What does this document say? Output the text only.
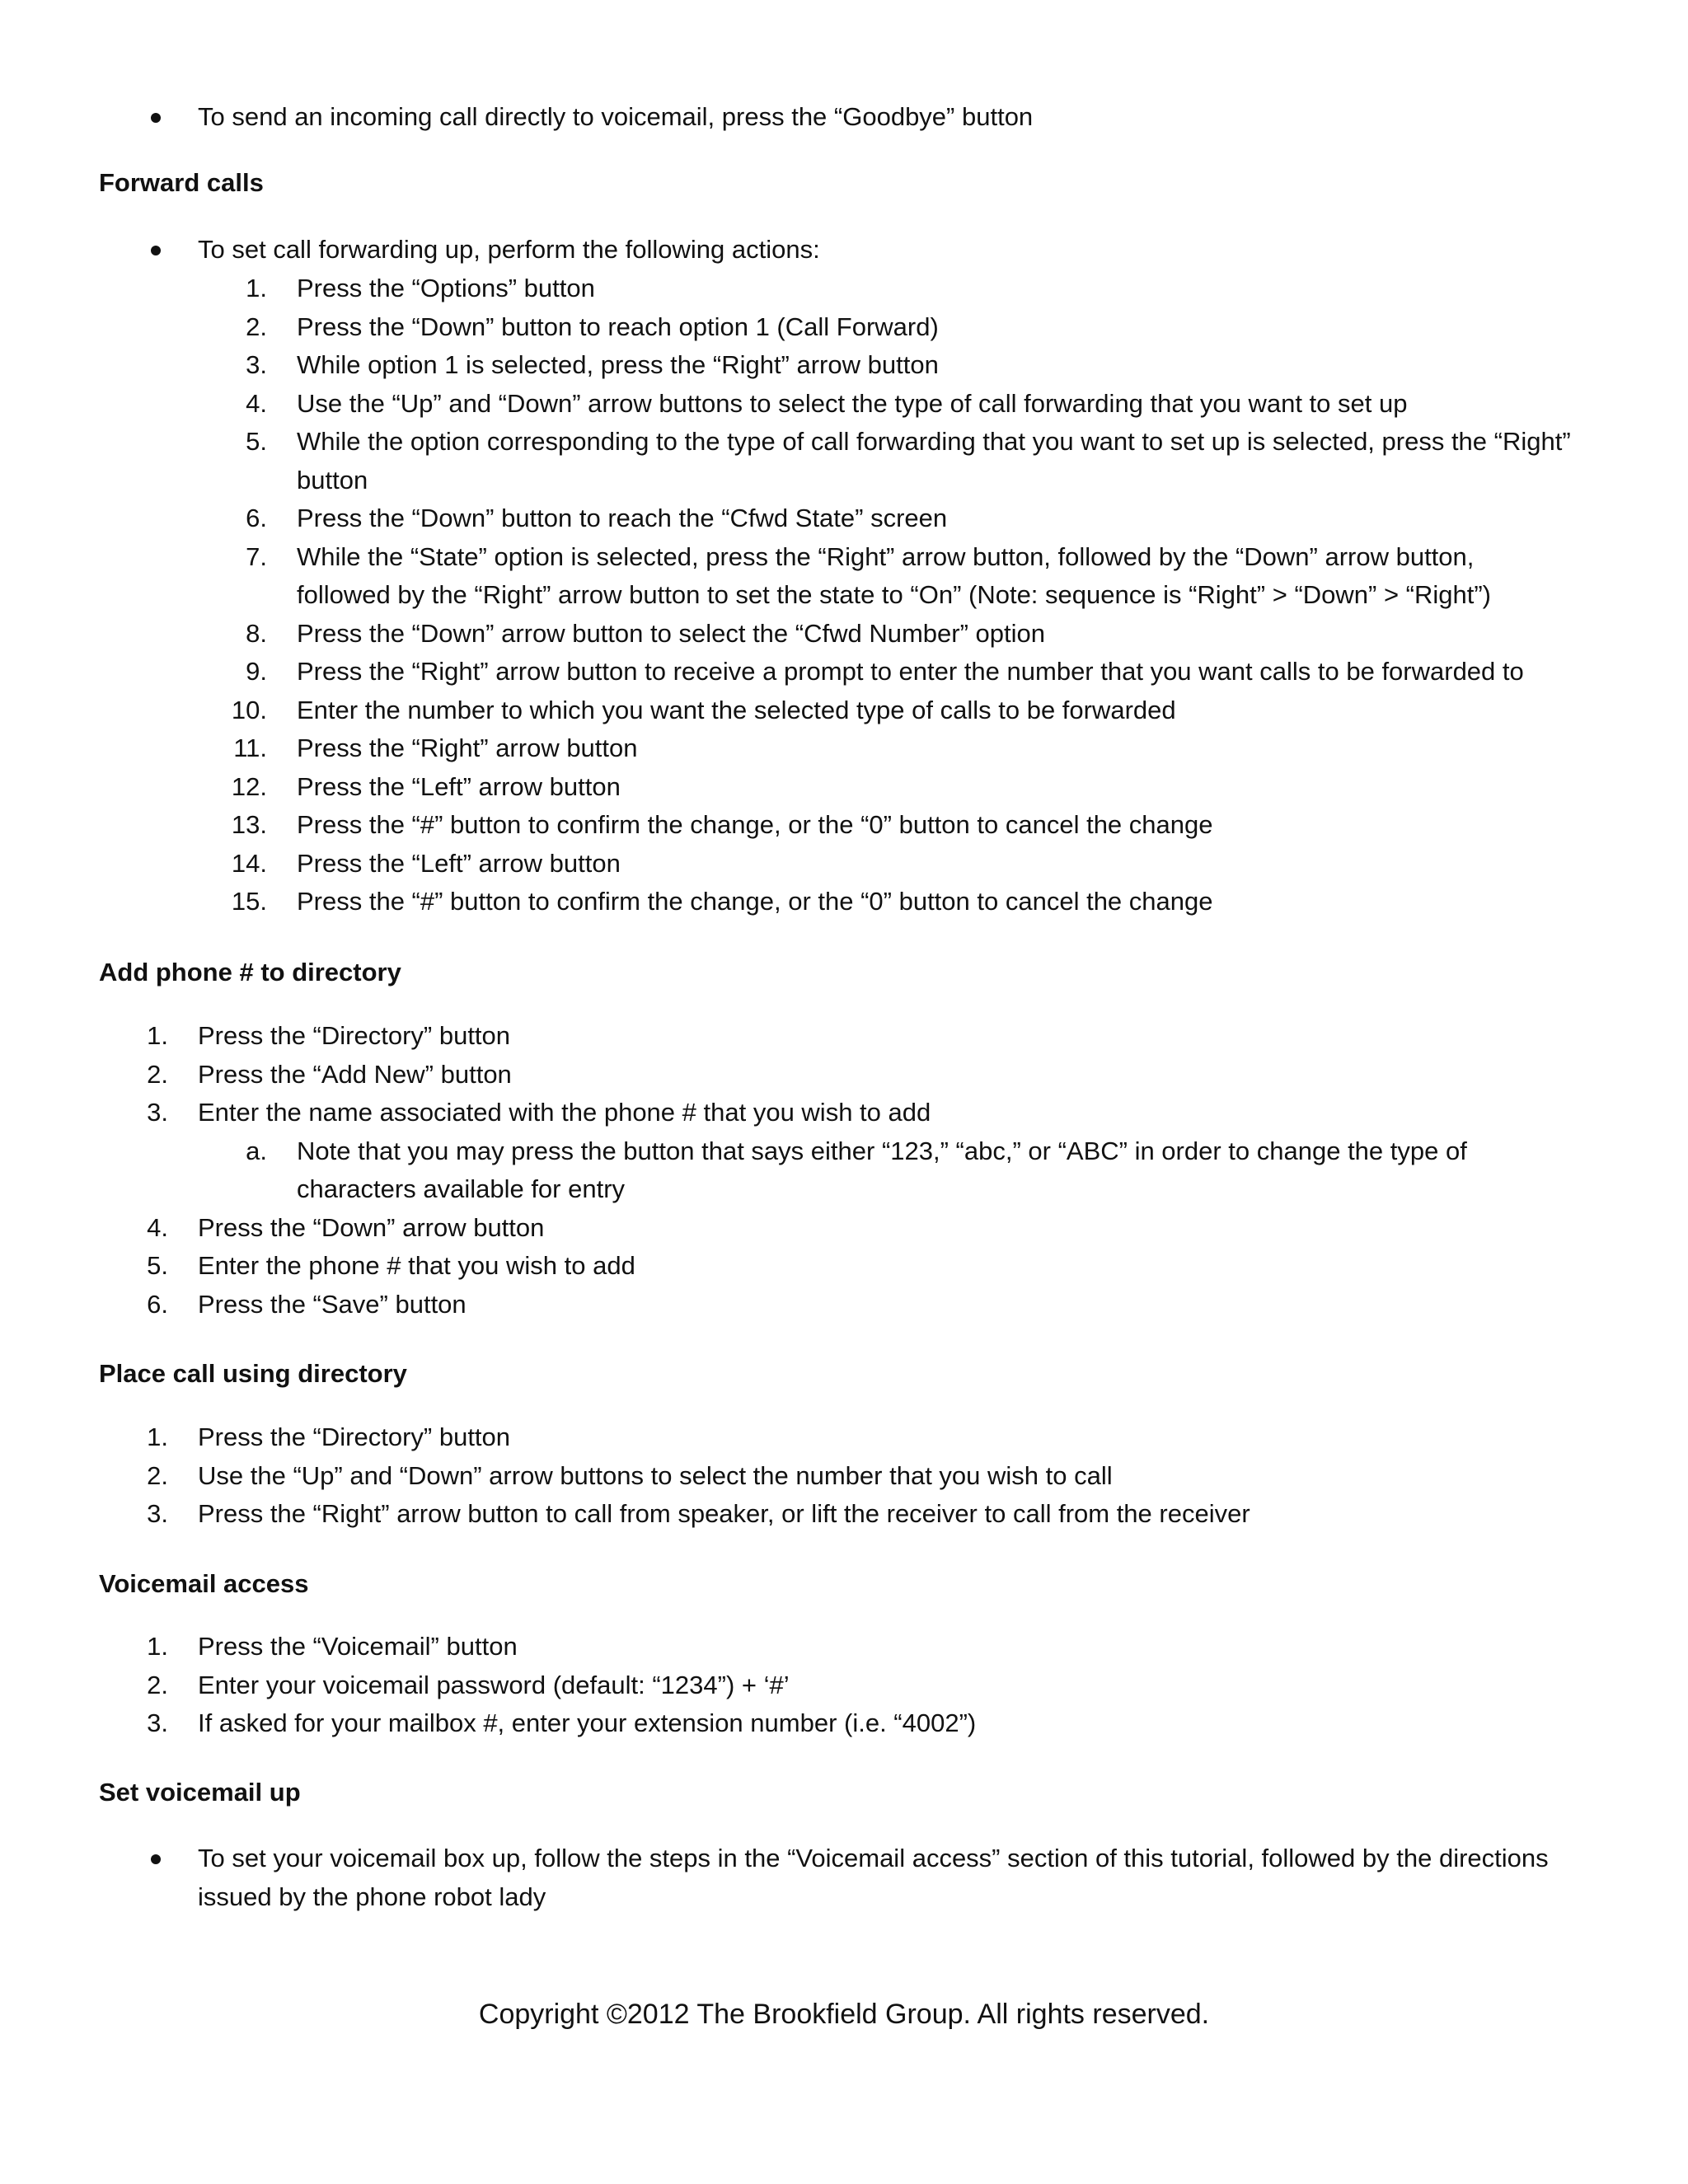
To send an incoming call directly to voicemail, press the “Goodbye” button
Forward calls
To set call forwarding up, perform the following actions:
1. Press the “Options” button
2. Press the “Down” button to reach option 1 (Call Forward)
3. While option 1 is selected, press the “Right” arrow button
4. Use the “Up” and “Down” arrow buttons to select the type of call forwarding that you want to set up
5. While the option corresponding to the type of call forwarding that you want to set up is selected, press the “Right”
button
6. Press the “Down” button to reach the “Cfwd State” screen
7. While the “State” option is selected, press the “Right” arrow button, followed by the “Down” arrow button,
followed by the “Right” arrow button to set the state to “On” (Note: sequence is “Right” > “Down” > “Right”)
8. Press the “Down” arrow button to select the “Cfwd Number” option
9. Press the “Right” arrow button to receive a prompt to enter the number that you want calls to be forwarded to
10. Enter the number to which you want the selected type of calls to be forwarded
11. Press the “Right” arrow button
12. Press the “Left” arrow button
13. Press the “#” button to confirm the change, or the “0” button to cancel the change
14. Press the “Left” arrow button
15. Press the “#” button to confirm the change, or the “0” button to cancel the change
Add phone # to directory
1. Press the “Directory” button
2. Press the “Add New” button
3. Enter the name associated with the phone # that you wish to add
a. Note that you may press the button that says either “123,” “abc,” or “ABC” in order to change the type of
characters available for entry
4. Press the “Down” arrow button
5. Enter the phone # that you wish to add
6. Press the “Save” button
Place call using directory
1. Press the “Directory” button
2. Use the “Up” and “Down” arrow buttons to select the number that you wish to call
3. Press the “Right” arrow button to call from speaker, or lift the receiver to call from the receiver
Voicemail access
1. Press the “Voicemail” button
2. Enter your voicemail password (default: “1234”) + ‘#’
3. If asked for your mailbox #, enter your extension number (i.e. “4002”)
Set voicemail up
To set your voicemail box up, follow the steps in the “Voicemail access” section of this tutorial, followed by the directions
issued by the phone robot lady
Copyright ©2012 The Brookfield Group. All rights reserved.
